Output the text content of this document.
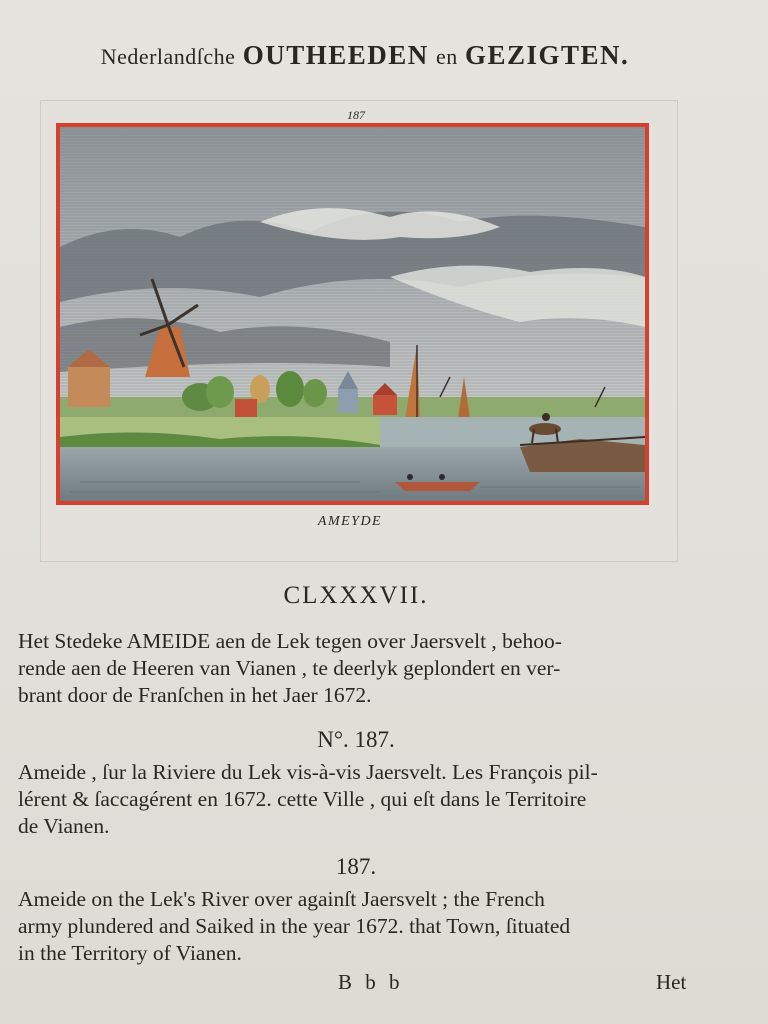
Nederlandſche OUTHEEDEN en GEZIGTEN.
187
AMEYDE
CLXXXVII.
Het Stedeke AMEIDE aen de Lek tegen over Jaersvelt , behoo-
rende aen de Heeren van Vianen , te deerlyk geplondert en ver-
brant door de Franſchen in het Jaer 1672.
N°. 187.
Ameide , ſur la Riviere du Lek vis-à-vis Jaersvelt. Les François pil-
lérent & ſaccagérent en 1672. cette Ville , qui eſt dans le Territoire
de Vianen.
187.
Ameide on the Lek's River over againſt Jaersvelt ; the French
army plundered and Saiked in the year 1672. that Town, ſituated
in the Territory of Vianen.
B b b	Het
